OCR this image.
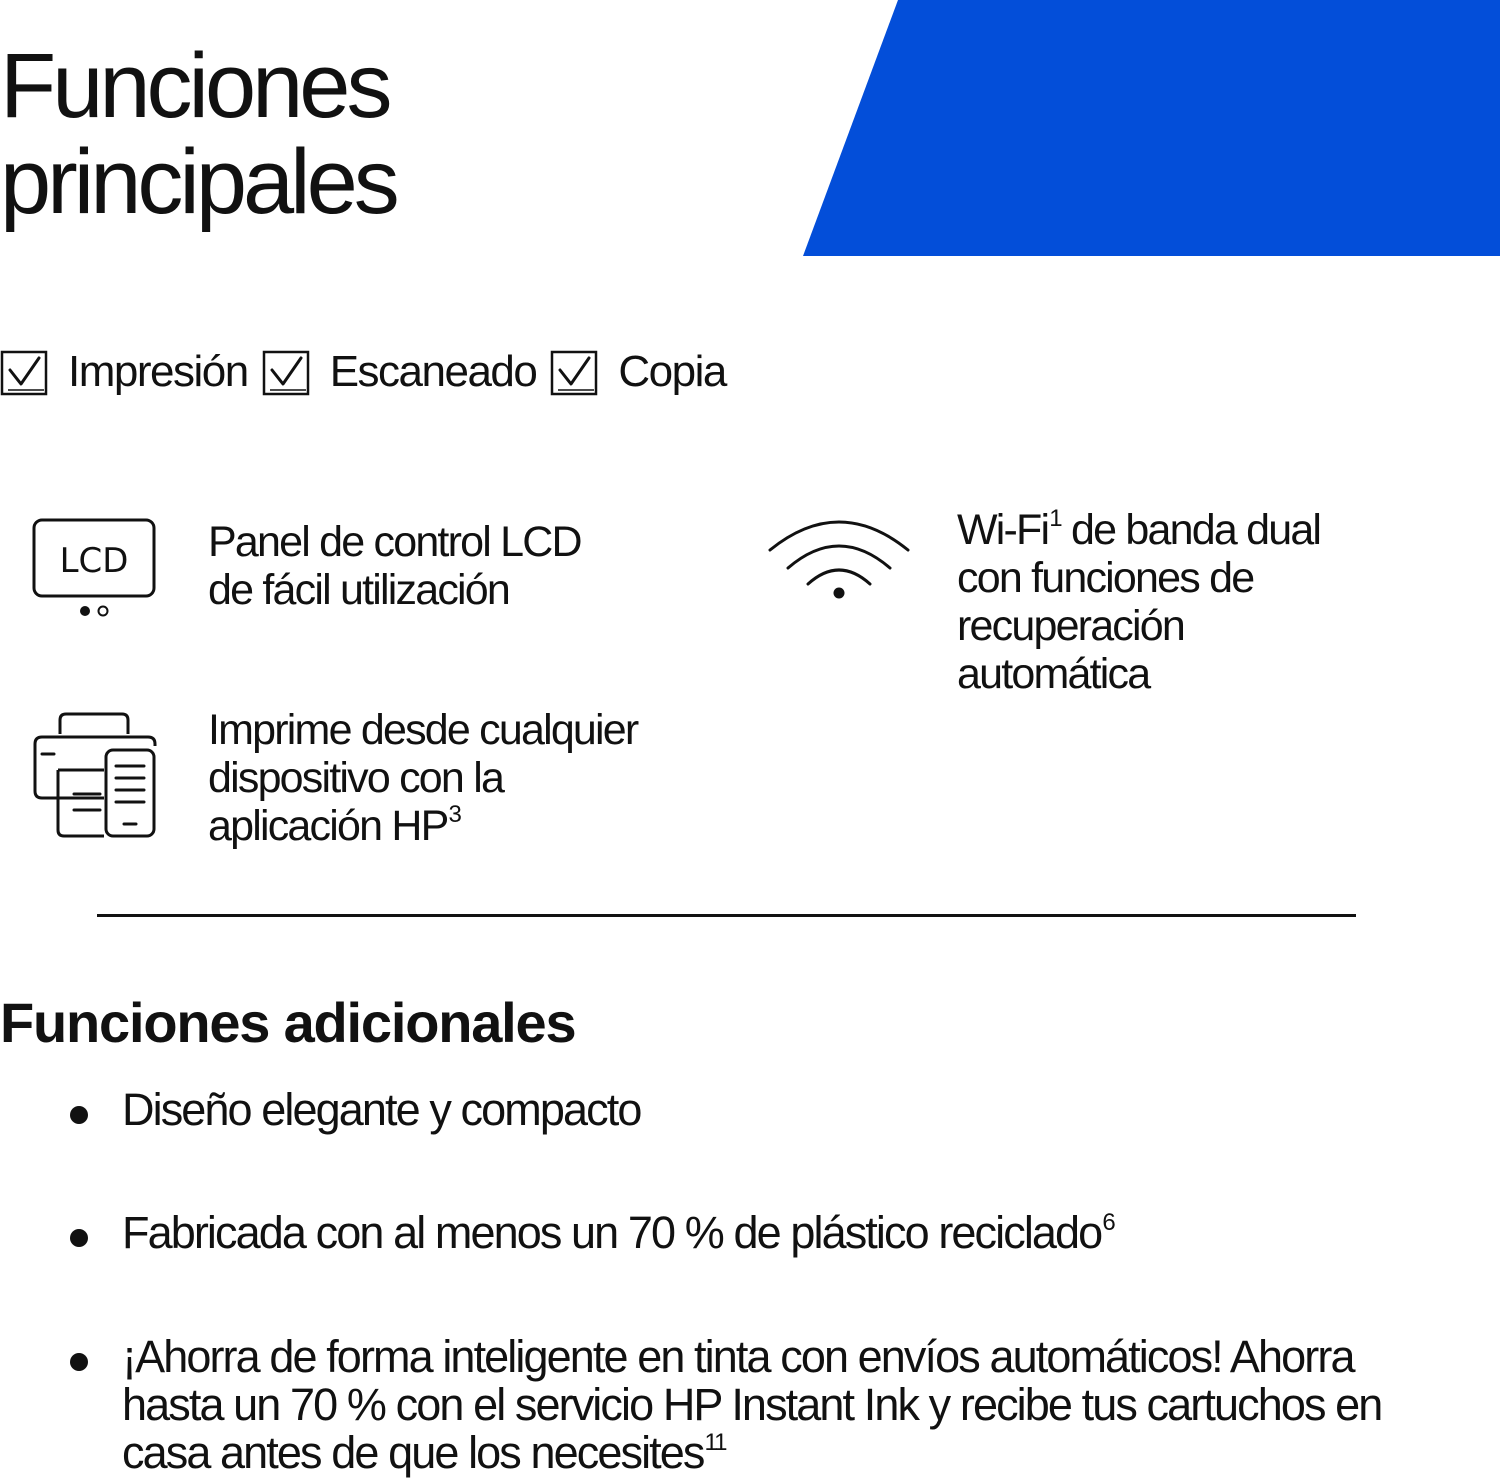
Funciones
principales
Impresión Escaneado Copia
LCD Panel de control LCD
de fácil utilización

Wi-Fi$^1$ de banda dual
con funciones de
recuperación
automática

Imprime desde cualquier
dispositivo con la
aplicación $HP^3$

Funciones adicionales
Diseño elegante y compacto
Fabricada con al menos un 70 % de plástico reciclado$^6$
¡Ahorra de forma inteligente en tinta con envíos automáticos! Ahorra
hasta un 70 % con el servicio HP Instant Ink y recibe tus cartuchos en
casa antes de que los necesites$^{11}$
